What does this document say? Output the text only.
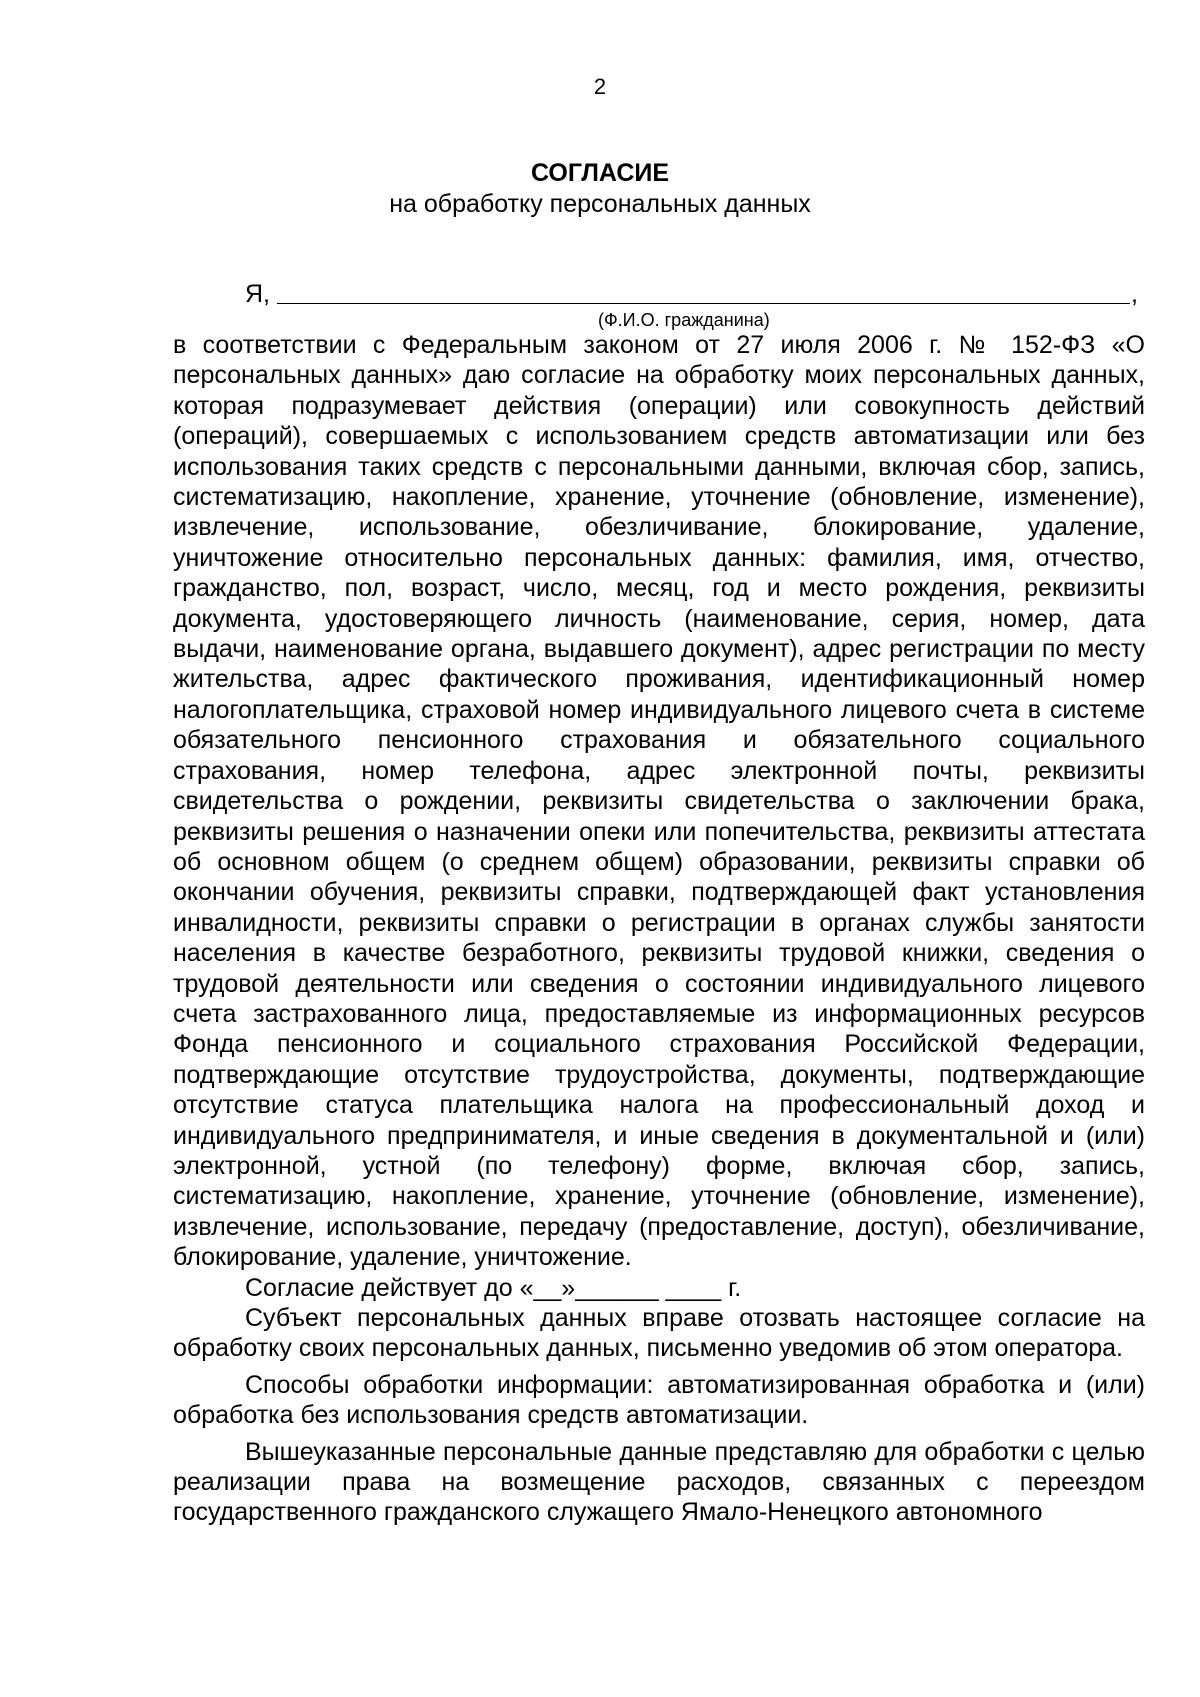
2
СОГЛАСИЕ
на обработку персональных данных
Я,	,
(Ф.И.О. гражданина)

в соответствии с Федеральным законом от 27 июля 2006 г. № 152-ФЗ «О персональных данных» даю согласие на обработку моих персональных данных, которая подразумевает действия (операции) или совокупность действий (операций), совершаемых с использованием средств автоматизации или без использования таких средств с персональными данными, включая сбор, запись, систематизацию, накопление, хранение, уточнение (обновление, изменение), извлечение, использование, обезличивание, блокирование, удаление, уничтожение относительно персональных данных: фамилия, имя, отчество, гражданство, пол, возраст, число, месяц, год и место рождения, реквизиты документа, удостоверяющего личность (наименование, серия, номер, дата выдачи, наименование органа, выдавшего документ), адрес регистрации по месту жительства, адрес фактического проживания, идентификационный номер налогоплательщика, страховой номер индивидуального лицевого счета в системе обязательного пенсионного страхования и обязательного социального страхования, номер телефона, адрес электронной почты, реквизиты свидетельства о рождении, реквизиты свидетельства о заключении брака, реквизиты решения о назначении опеки или попечительства, реквизиты аттестата об основном общем (о среднем общем) образовании, реквизиты справки об окончании обучения, реквизиты справки, подтверждающей факт установления инвалидности, реквизиты справки о регистрации в органах службы занятости населения в качестве безработного, реквизиты трудовой книжки, сведения о трудовой деятельности или сведения о состоянии индивидуального лицевого счета застрахованного лица, предоставляемые из информационных ресурсов Фонда пенсионного и социального страхования Российской Федерации, подтверждающие отсутствие трудоустройства, документы, подтверждающие отсутствие статуса плательщика налога на профессиональный доход и индивидуального предпринимателя, и иные сведения в документальной и (или) электронной, устной (по телефону) форме, включая сбор, запись, систематизацию, накопление, хранение, уточнение (обновление, изменение), извлечение, использование, передачу (предоставление, доступ), обезличивание, блокирование, удаление, уничтожение.

Согласие действует до «__»______ ____ г.

Субъект персональных данных вправе отозвать настоящее согласие на обработку своих персональных данных, письменно уведомив об этом оператора.

Способы обработки информации: автоматизированная обработка и (или) обработка без использования средств автоматизации.

Вышеуказанные персональные данные представляю для обработки с целью реализации права на возмещение расходов, связанных с переездом государственного гражданского служащего Ямало-Ненецкого автономного
